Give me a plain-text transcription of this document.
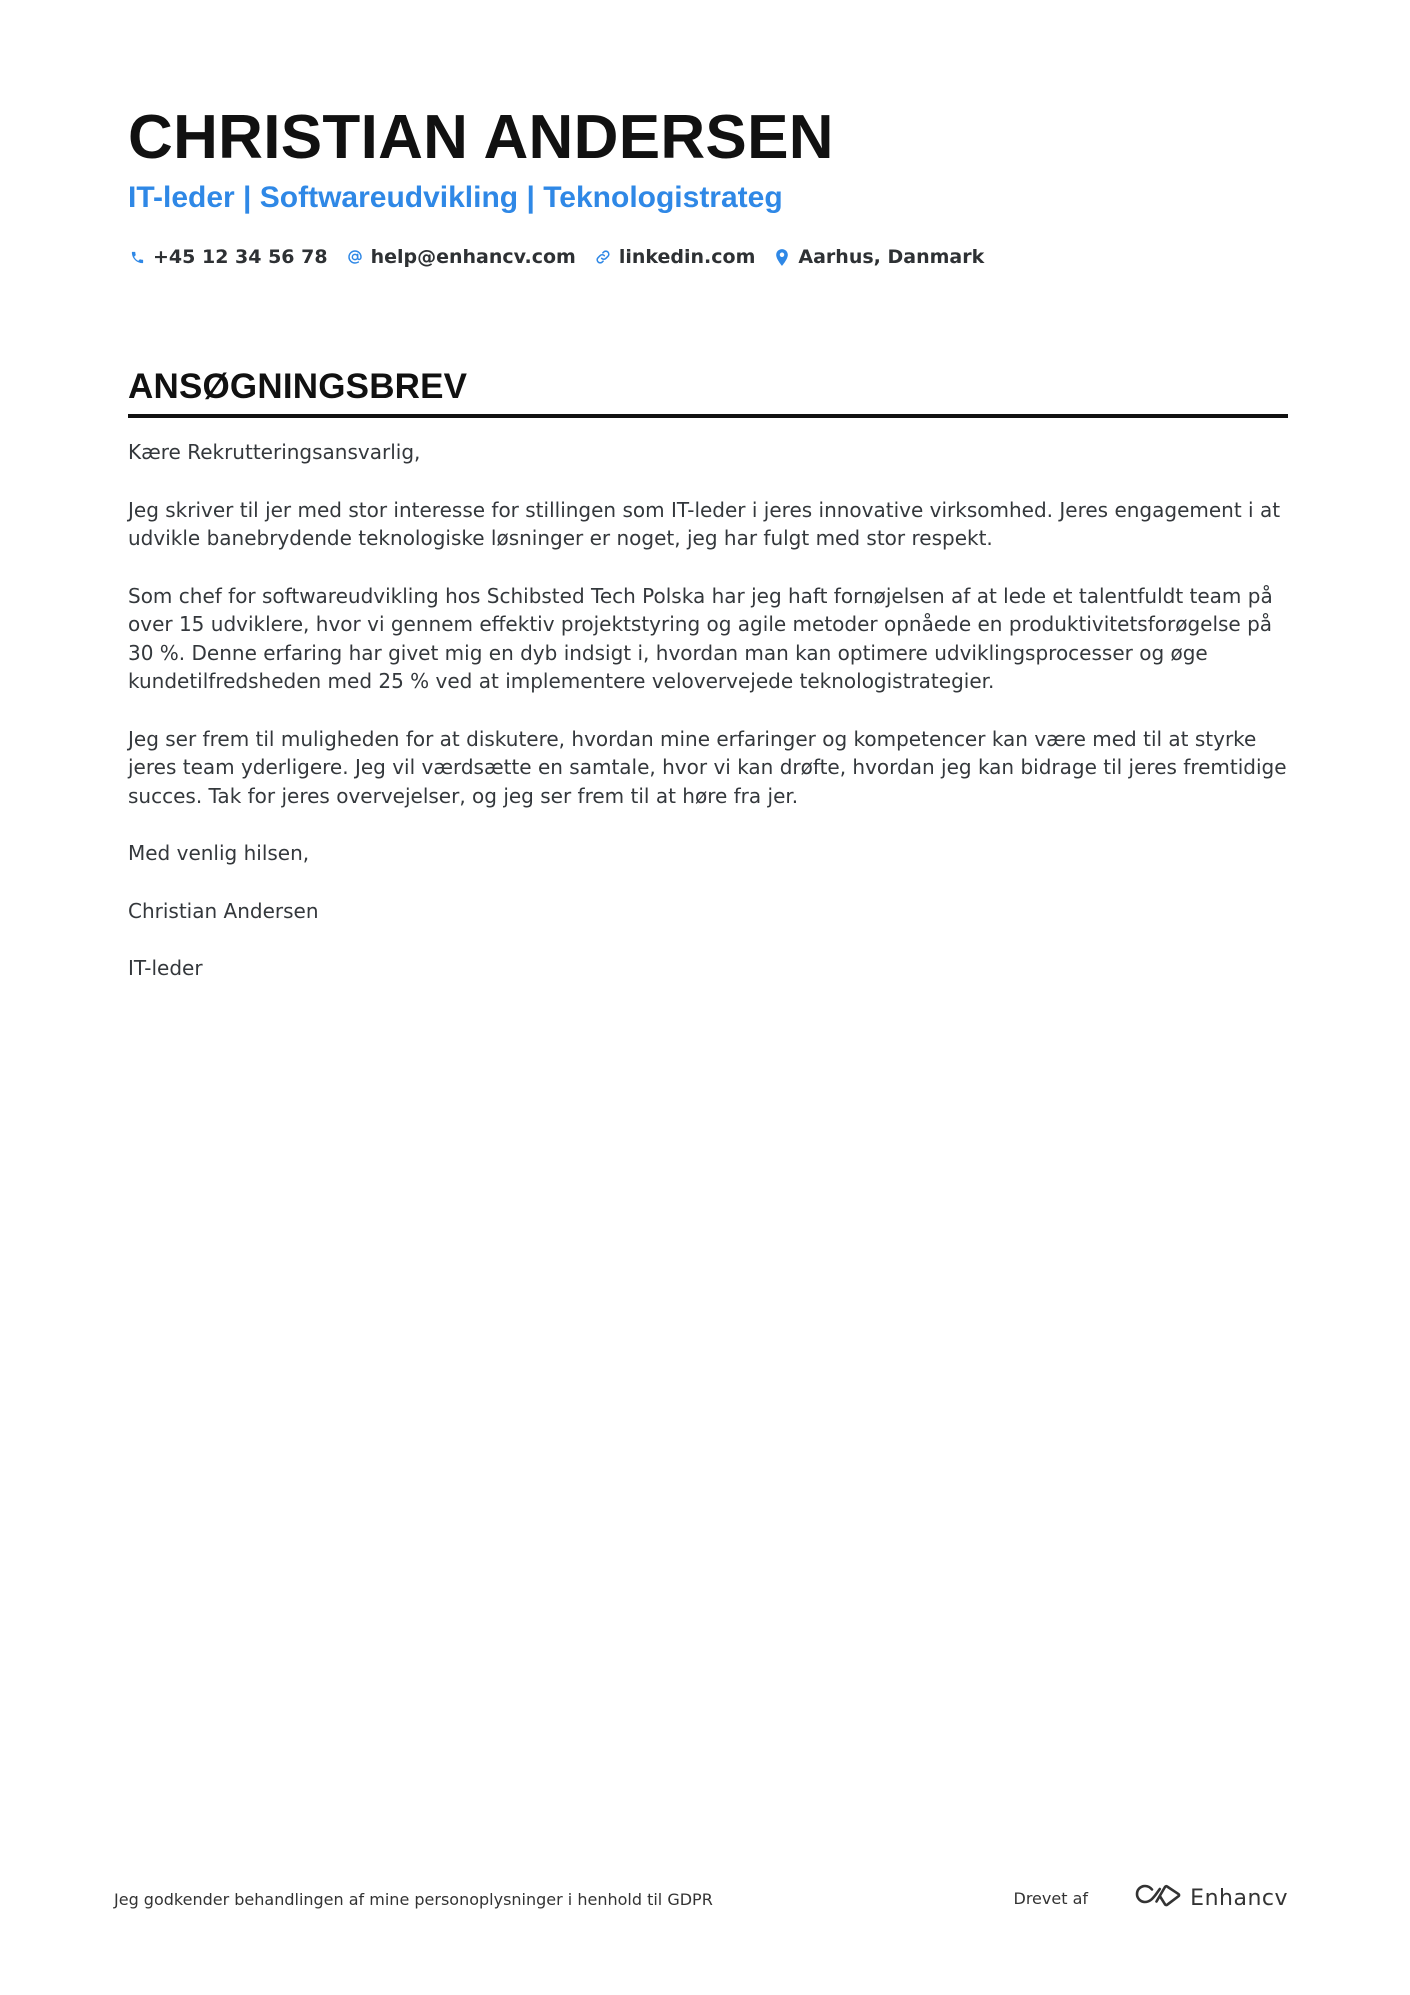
CHRISTIAN ANDERSEN
IT-leder | Softwareudvikling | Teknologistrateg
+45 12 34 56 78 help@enhancv.com linkedin.com Aarhus, Danmark
ANSØGNINGSBREV

Kære Rekrutteringsansvarlig,

Jeg skriver til jer med stor interesse for stillingen som IT-leder i jeres innovative virksomhed. Jeres engagement i at udvikle banebrydende teknologiske løsninger er noget, jeg har fulgt med stor respekt.

Som chef for softwareudvikling hos Schibsted Tech Polska har jeg haft fornøjelsen af at lede et talentfuldt team på over 15 udviklere, hvor vi gennem effektiv projektstyring og agile metoder opnåede en produktivitetsforøgelse på 30 %. Denne erfaring har givet mig en dyb indsigt i, hvordan man kan optimere udviklingsprocesser og øge kundetilfredsheden med 25 % ved at implementere velovervejede teknologistrategier.

Jeg ser frem til muligheden for at diskutere, hvordan mine erfaringer og kompetencer kan være med til at styrke jeres team yderligere. Jeg vil værdsætte en samtale, hvor vi kan drøfte, hvordan jeg kan bidrage til jeres fremtidige succes. Tak for jeres overvejelser, og jeg ser frem til at høre fra jer.

Med venlig hilsen,

Christian Andersen

IT-leder

Jeg godkender behandlingen af mine personoplysninger i henhold til GDPR	Drevet af	Enhancv
